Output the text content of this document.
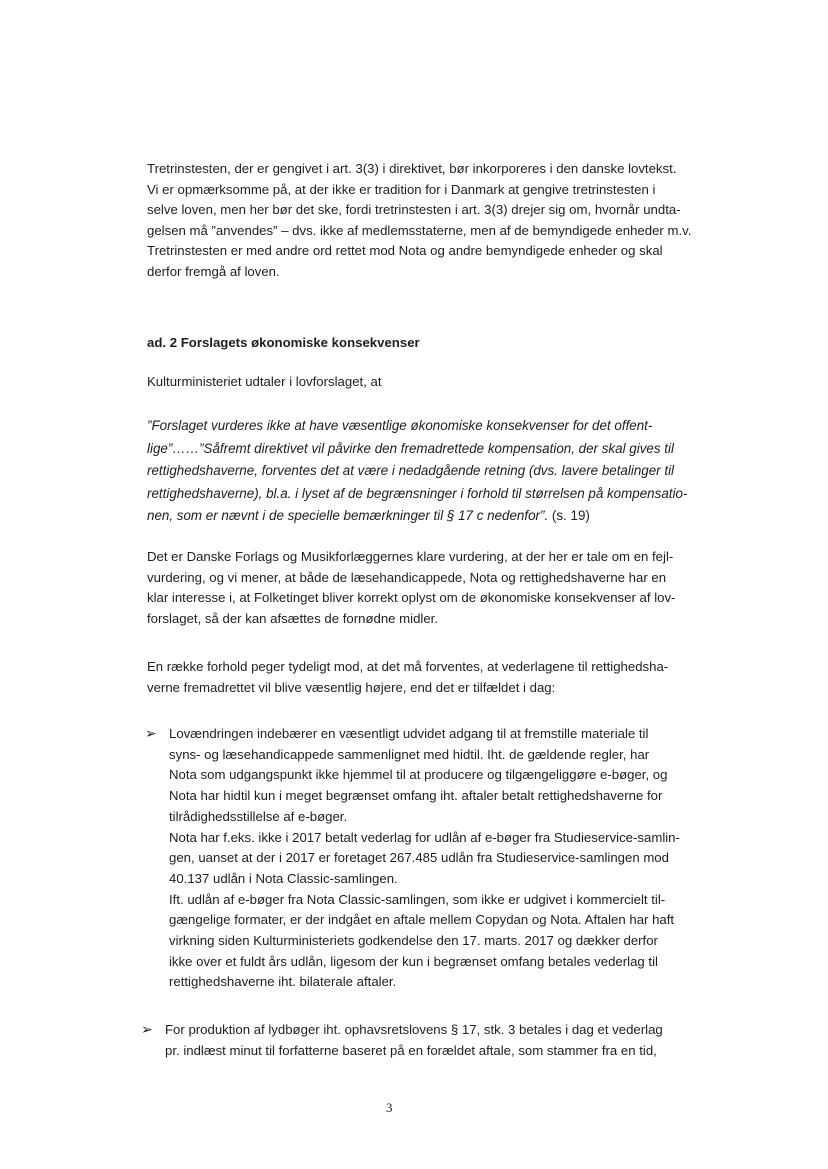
Tretrinstesten, der er gengivet i art. 3(3) i direktivet, bør inkorporeres i den danske lovtekst.
Vi er opmærksomme på, at der ikke er tradition for i Danmark at gengive tretrinstesten i
selve loven, men her bør det ske, fordi tretrinstesten i art. 3(3) drejer sig om, hvornår undta-
gelsen må ”anvendes” – dvs. ikke af medlemsstaterne, men af de bemyndigede enheder m.v.
Tretrinstesten er med andre ord rettet mod Nota og andre bemyndigede enheder og skal
derfor fremgå af loven.
ad. 2 Forslagets økonomiske konsekvenser
Kulturministeriet udtaler i lovforslaget, at
”Forslaget vurderes ikke at have væsentlige økonomiske konsekvenser for det offent-
lige”……”Såfremt direktivet vil påvirke den fremadrettede kompensation, der skal gives til
rettighedshaverne, forventes det at være i nedadgående retning (dvs. lavere betalinger til
rettighedshaverne), bl.a. i lyset af de begrænsninger i forhold til størrelsen på kompensatio-
nen, som er nævnt i de specielle bemærkninger til § 17 c nedenfor”. (s. 19)
Det er Danske Forlags og Musikforlæggernes klare vurdering, at der her er tale om en fejl-
vurdering, og vi mener, at både de læsehandicappede, Nota og rettighedshaverne har en
klar interesse i, at Folketinget bliver korrekt oplyst om de økonomiske konsekvenser af lov-
forslaget, så der kan afsættes de fornødne midler.
En række forhold peger tydeligt mod, at det må forventes, at vederlagene til rettighedsha-
verne fremadrettet vil blive væsentlig højere, end det er tilfældet i dag:
➢ Lovændringen indebærer en væsentligt udvidet adgang til at fremstille materiale til
syns- og læsehandicappede sammenlignet med hidtil. Iht. de gældende regler, har
Nota som udgangspunkt ikke hjemmel til at producere og tilgængeliggøre e-bøger, og
Nota har hidtil kun i meget begrænset omfang iht. aftaler betalt rettighedshaverne for
tilrådighedsstillelse af e-bøger.
Nota har f.eks. ikke i 2017 betalt vederlag for udlån af e-bøger fra Studieservice-samlin-
gen, uanset at der i 2017 er foretaget 267.485 udlån fra Studieservice-samlingen mod
40.137 udlån i Nota Classic-samlingen.
Ift. udlån af e-bøger fra Nota Classic-samlingen, som ikke er udgivet i kommercielt til-
gængelige formater, er der indgået en aftale mellem Copydan og Nota. Aftalen har haft
virkning siden Kulturministeriets godkendelse den 17. marts. 2017 og dækker derfor
ikke over et fuldt års udlån, ligesom der kun i begrænset omfang betales vederlag til
rettighedshaverne iht. bilaterale aftaler.
➢ For produktion af lydbøger iht. ophavsretslovens § 17, stk. 3 betales i dag et vederlag
pr. indlæst minut til forfatterne baseret på en forældet aftale, som stammer fra en tid,
3
